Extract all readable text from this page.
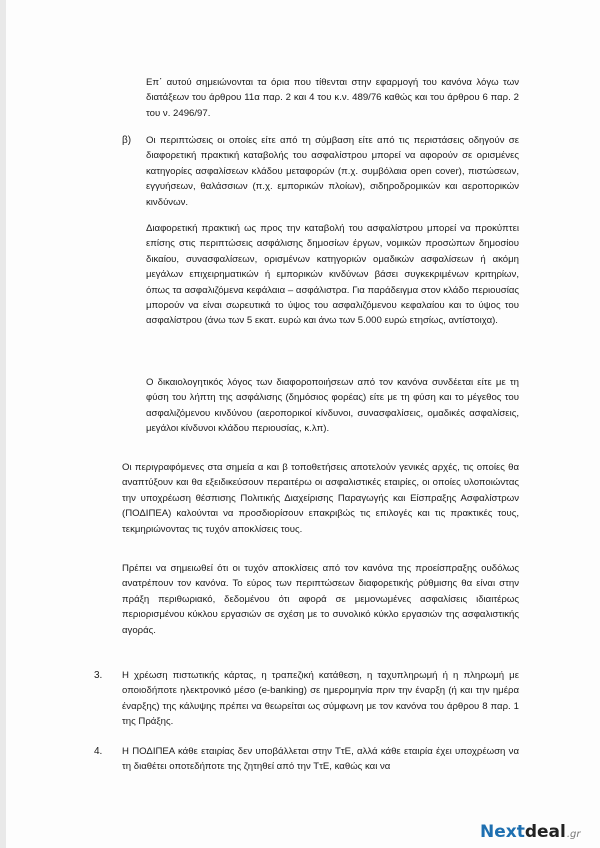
Επ΄ αυτού σημειώνονται τα όρια που τίθενται στην εφαρμογή του κανόνα λόγω των διατάξεων του άρθρου 11α παρ. 2 και 4 του κ.ν. 489/76 καθώς και του άρθρου 6 παρ. 2 του ν. 2496/97.

β) Οι περιπτώσεις οι οποίες είτε από τη σύμβαση είτε από τις περιστάσεις οδηγούν σε διαφορετική πρακτική καταβολής του ασφαλίστρου μπορεί να αφορούν σε ορισμένες κατηγορίες ασφαλίσεων κλάδου μεταφορών (π.χ. συμβόλαια open cover), πιστώσεων, εγγυήσεων, θαλάσσιων (π.χ. εμπορικών πλοίων), σιδηροδρομικών και αεροπορικών κινδύνων.

Διαφορετική πρακτική ως προς την καταβολή του ασφαλίστρου μπορεί να προκύπτει επίσης στις περιπτώσεις ασφάλισης δημοσίων έργων, νομικών προσώπων δημοσίου δικαίου, συνασφαλίσεων, ορισμένων κατηγοριών ομαδικών ασφαλίσεων ή ακόμη μεγάλων επιχειρηματικών ή εμπορικών κινδύνων βάσει συγκεκριμένων κριτηρίων, όπως τα ασφαλιζόμενα κεφάλαια – ασφάλιστρα. Για παράδειγμα στον κλάδο περιουσίας μπορούν να είναι σωρευτικά το ύψος του ασφαλιζόμενου κεφαλαίου και το ύψος του ασφαλίστρου (άνω των 5 εκατ. ευρώ και άνω των 5.000 ευρώ ετησίως, αντίστοιχα).

Ο δικαιολογητικός λόγος των διαφοροποιήσεων από τον κανόνα συνδέεται είτε με τη φύση του λήπτη της ασφάλισης (δημόσιος φορέας) είτε με τη φύση και το μέγεθος του ασφαλιζόμενου κινδύνου (αεροπορικοί κίνδυνοι, συνασφαλίσεις, ομαδικές ασφαλίσεις, μεγάλοι κίνδυνοι κλάδου περιουσίας, κ.λπ).

Οι περιγραφόμενες στα σημεία α και β τοποθετήσεις αποτελούν γενικές αρχές, τις οποίες θα αναπτύξουν και θα εξειδικεύσουν περαιτέρω οι ασφαλιστικές εταιρίες, οι οποίες υλοποιώντας την υποχρέωση θέσπισης Πολιτικής Διαχείρισης Παραγωγής και Είσπραξης Ασφαλίστρων (ΠΟΔΙΠΕΑ) καλούνται να προσδιορίσουν επακριβώς τις επιλογές και τις πρακτικές τους, τεκμηριώνοντας τις τυχόν αποκλίσεις τους.

Πρέπει να σημειωθεί ότι οι τυχόν αποκλίσεις από τον κανόνα της προείσπραξης ουδόλως ανατρέπουν τον κανόνα. Το εύρος των περιπτώσεων διαφορετικής ρύθμισης θα είναι στην πράξη περιθωριακό, δεδομένου ότι αφορά σε μεμονωμένες ασφαλίσεις ιδιαιτέρως περιορισμένου κύκλου εργασιών σε σχέση με το συνολικό κύκλο εργασιών της ασφαλιστικής αγοράς.

3. Η χρέωση πιστωτικής κάρτας, η τραπεζική κατάθεση, η ταχυπληρωμή ή η πληρωμή με οποιοδήποτε ηλεκτρονικό μέσο (e-banking) σε ημερομηνία πριν την έναρξη (ή και την ημέρα έναρξης) της κάλυψης πρέπει να θεωρείται ως σύμφωνη με τον κανόνα του άρθρου 8 παρ. 1 της Πράξης.

4. Η ΠΟΔΙΠΕΑ κάθε εταιρίας δεν υποβάλλεται στην ΤτΕ, αλλά κάθε εταιρία έχει υποχρέωση να τη διαθέτει οποτεδήποτε της ζητηθεί από την ΤτΕ, καθώς και να

Nextdeal.gr
